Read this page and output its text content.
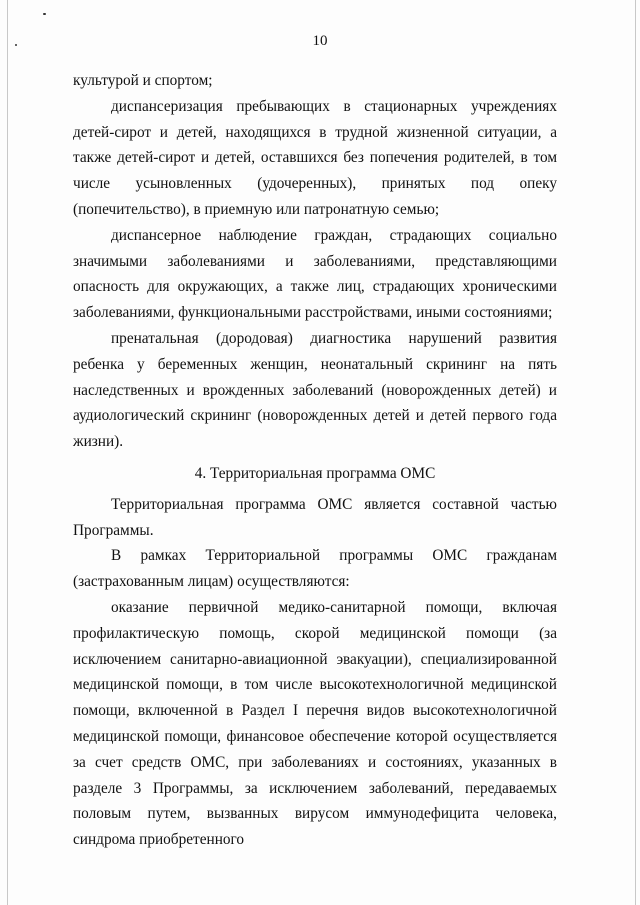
10

культурой и спортом;

диспансеризация пребывающих в стационарных учреждениях детей-сирот и детей, находящихся в трудной жизненной ситуации, а также детей-сирот и детей, оставшихся без попечения родителей, в том числе усыновленных (удочеренных), принятых под опеку (попечительство), в приемную или патронатную семью;

диспансерное наблюдение граждан, страдающих социально значимыми заболеваниями и заболеваниями, представляющими опасность для окружающих, а также лиц, страдающих хроническими заболеваниями, функциональными расстройствами, иными состояниями;

пренатальная (дородовая) диагностика нарушений развития ребенка у беременных женщин, неонатальный скрининг на пять наследственных и врожденных заболеваний (новорожденных детей) и аудиологический скрининг (новорожденных детей и детей первого года жизни).

4. Территориальная программа ОМС

Территориальная программа ОМС является составной частью Программы.

В рамках Территориальной программы ОМС гражданам (застрахованным лицам) осуществляются:

оказание первичной медико-санитарной помощи, включая профилактическую помощь, скорой медицинской помощи (за исключением санитарно-авиационной эвакуации), специализированной медицинской помощи, в том числе высокотехнологичной медицинской помощи, включенной в Раздел I перечня видов высокотехнологичной медицинской помощи, финансовое обеспечение которой осуществляется за счет средств ОМС, при заболеваниях и состояниях, указанных в разделе 3 Программы, за исключением заболеваний, передаваемых половым путем, вызванных вирусом иммунодефицита человека, синдрома приобретенного
